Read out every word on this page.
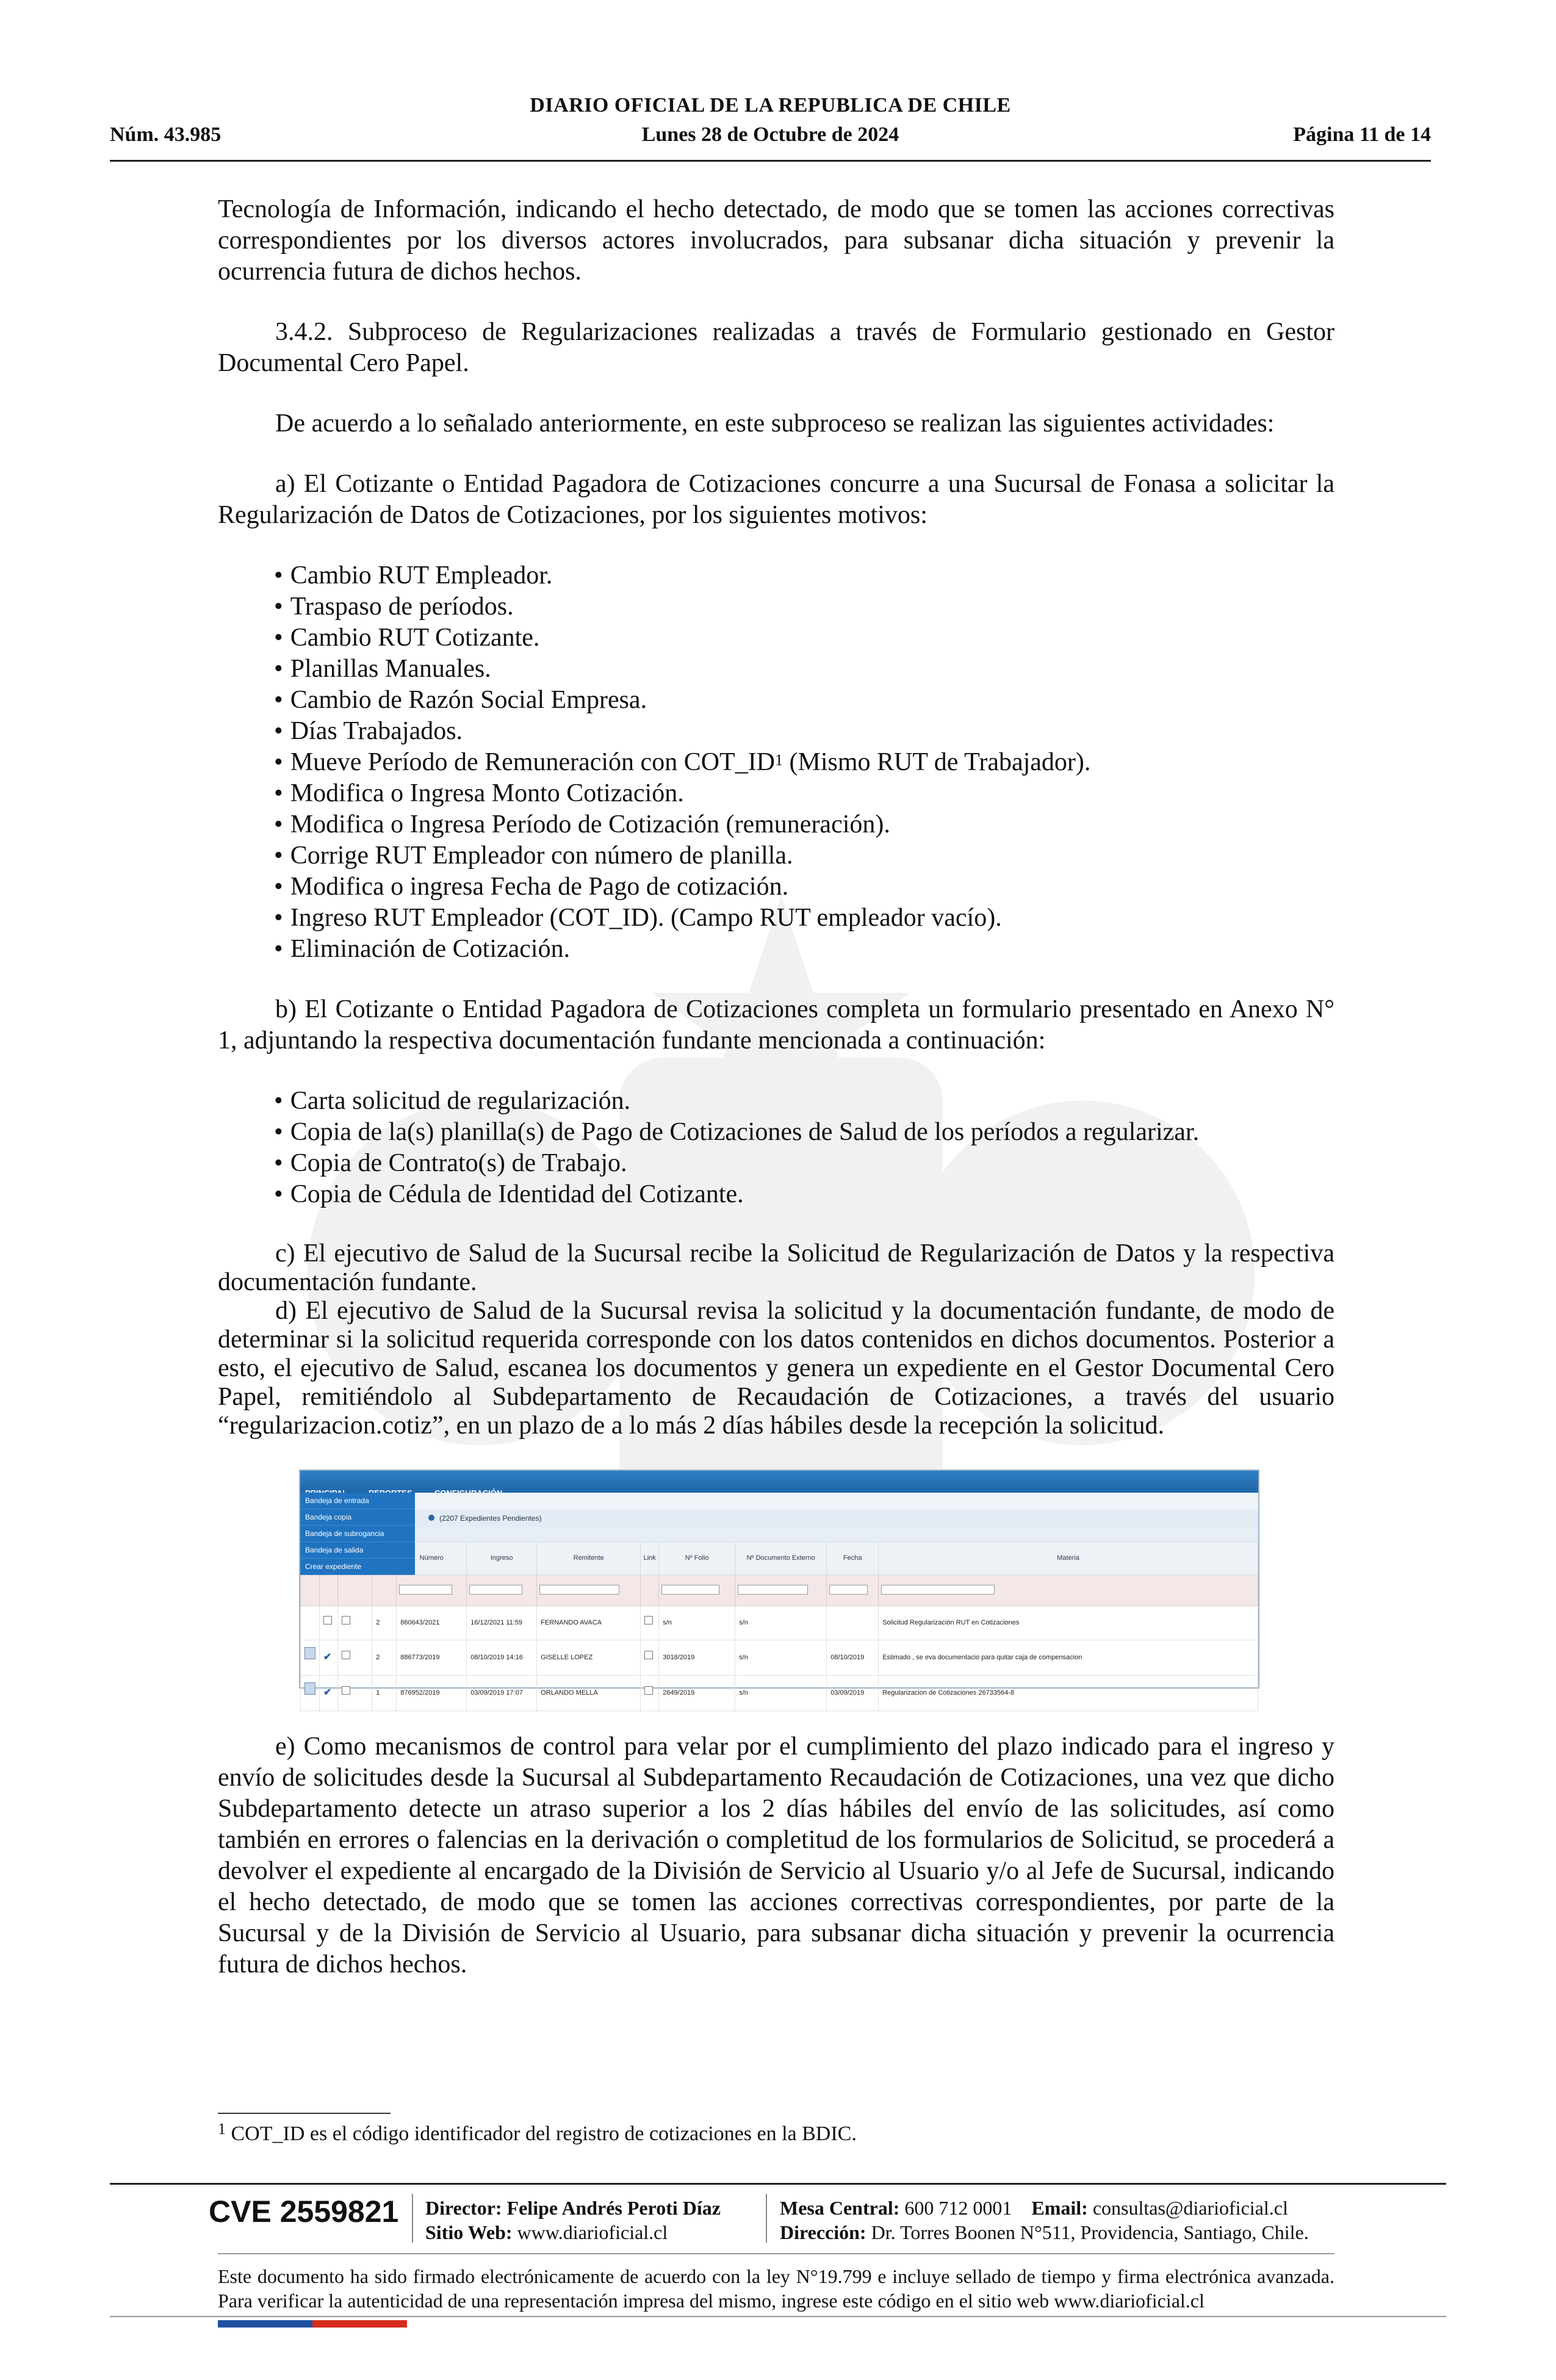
DIARIO OFICIAL DE LA REPUBLICA DE CHILE
Núm. 43.985	Lunes 28 de Octubre de 2024	Página 11 de 14

Tecnología de Información, indicando el hecho detectado, de modo que se tomen las acciones correctivas correspondientes por los diversos actores involucrados, para subsanar dicha situación y prevenir la ocurrencia futura de dichos hechos.

3.4.2. Subproceso de Regularizaciones realizadas a través de Formulario gestionado en Gestor Documental Cero Papel.

De acuerdo a lo señalado anteriormente, en este subproceso se realizan las siguientes actividades:

a) El Cotizante o Entidad Pagadora de Cotizaciones concurre a una Sucursal de Fonasa a solicitar la Regularización de Datos de Cotizaciones, por los siguientes motivos:

• Cambio RUT Empleador.
• Traspaso de períodos.
• Cambio RUT Cotizante.
• Planillas Manuales.
• Cambio de Razón Social Empresa.
• Días Trabajados.
• Mueve Período de Remuneración con $COT\_ID^1$ (Mismo RUT de Trabajador).
• Modifica o Ingresa Monto Cotización.
• Modifica o Ingresa Período de Cotización (remuneración).
• Corrige RUT Empleador con número de planilla.
• Modifica o ingresa Fecha de Pago de cotización.
• Ingreso RUT Empleador (COT_ID). (Campo RUT empleador vacío).
• Eliminación de Cotización.

b) El Cotizante o Entidad Pagadora de Cotizaciones completa un formulario presentado en Anexo N° 1, adjuntando la respectiva documentación fundante mencionada a continuación:

• Carta solicitud de regularización.
• Copia de la(s) planilla(s) de Pago de Cotizaciones de Salud de los períodos a regularizar.
• Copia de Contrato(s) de Trabajo.
• Copia de Cédula de Identidad del Cotizante.

c) El ejecutivo de Salud de la Sucursal recibe la Solicitud de Regularización de Datos y la respectiva documentación fundante.

d) El ejecutivo de Salud de la Sucursal revisa la solicitud y la documentación fundante, de modo de determinar si la solicitud requerida corresponde con los datos contenidos en dichos documentos. Posterior a esto, el ejecutivo de Salud, escanea los documentos y genera un expediente en el Gestor Documental Cero Papel, remitiéndolo al Subdepartamento de Recaudación de Cotizaciones, a través del usuario “regularizacion.cotiz”, en un plazo de a lo más 2 días hábiles desde la recepción la solicitud.

Bandeja de entrada
Bandeja copia
Bandeja de subrogancia
Bandeja de salida
Crear expediente
(2207 Expedientes Pendientes)
				Número	Ingreso	Remitente	Link	Nº Folio	Nº Documento Externo	Fecha	Materia

			2	860643/2021	16/12/2021 11:59	FERNANDO AVACA		s/n	s/n		Solicitud Regularización RUT en Cotizaciones
	✔		2	886773/2019	08/10/2019 14:16	GISELLE LOPEZ		3018/2019	s/n	08/10/2019	Estimado , se eva documentacio para quitar caja de compensacion
	✔		1	876952/2019	03/09/2019 17:07	ORLANDO MELLA		2649/2019	s/n	03/09/2019	Regularizacion de Cotizaciones 26733564-8

e) Como mecanismos de control para velar por el cumplimiento del plazo indicado para el ingreso y envío de solicitudes desde la Sucursal al Subdepartamento Recaudación de Cotizaciones, una vez que dicho Subdepartamento detecte un atraso superior a los 2 días hábiles del envío de las solicitudes, así como también en errores o falencias en la derivación o completitud de los formularios de Solicitud, se procederá a devolver el expediente al encargado de la División de Servicio al Usuario y/o al Jefe de Sucursal, indicando el hecho detectado, de modo que se tomen las acciones correctivas correspondientes, por parte de la Sucursal y de la División de Servicio al Usuario, para subsanar dicha situación y prevenir la ocurrencia futura de dichos hechos.

$^1$ COT_ID es el código identificador del registro de cotizaciones en la BDIC.
CVE 2559821 Director: Felipe Andrés Peroti Díaz
Sitio Web: www.diarioficial.cl
Mesa Central: 600 712 0001 Email: consultas@diarioficial.cl
Dirección: Dr. Torres Boonen N°511, Providencia, Santiago, Chile.
Este documento ha sido firmado electrónicamente de acuerdo con la ley N°19.799 e incluye sellado de tiempo y firma electrónica avanzada. Para verificar la autenticidad de una representación impresa del mismo, ingrese este código en el sitio web www.diarioficial.cl
